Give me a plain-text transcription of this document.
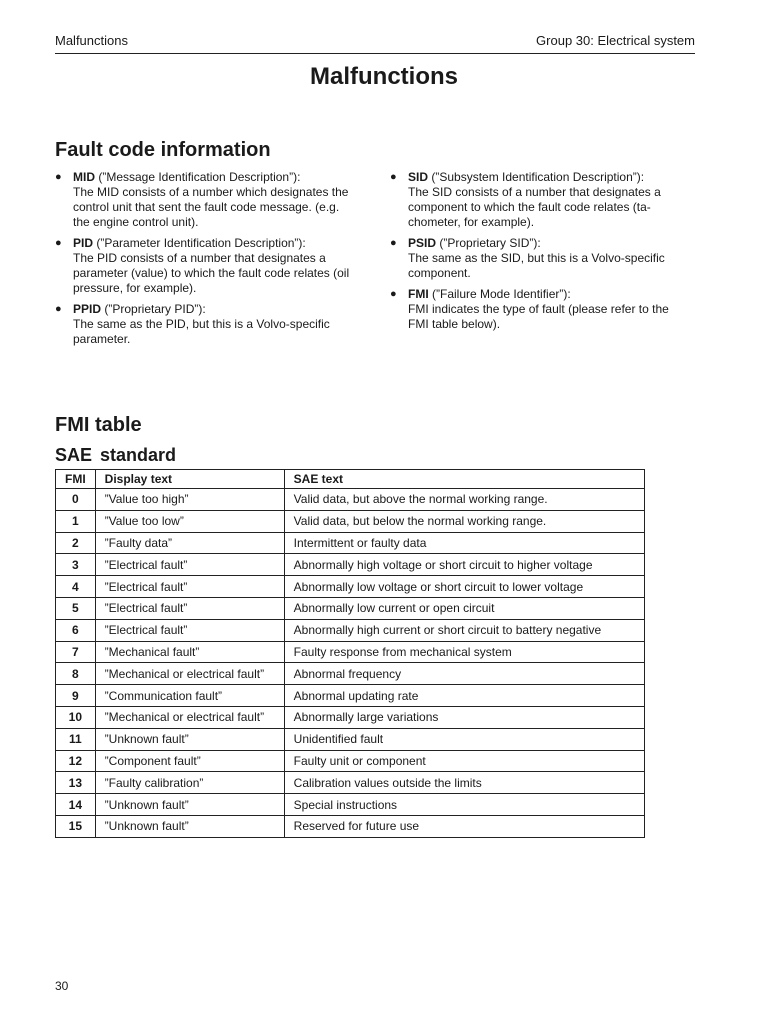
Malfunctions	Group 30: Electrical system
Malfunctions
Fault code information
● MID (”Message Identification Description”):
The MID consists of a number which designates the control unit that sent the fault code message. (e.g. the engine control unit).
● PID (”Parameter Identification Description”):
The PID consists of a number that designates a parameter (value) to which the fault code relates (oil pressure, for example).
● PPID (”Proprietary PID”):
The same as the PID, but this is a Volvo-specific parameter.
● SID (”Subsystem Identification Description”):
The SID consists of a number that designates a component to which the fault code relates (ta-chometer, for example).
● PSID (”Proprietary SID”):
The same as the SID, but this is a Volvo-specific component.
● FMI (”Failure Mode Identifier”):
FMI indicates the type of fault (please refer to the FMI table below).
FMI table
SAE standard
FMI	Display text	SAE text
0	”Value too high”	Valid data, but above the normal working range.
1	”Value too low”	Valid data, but below the normal working range.
2	”Faulty data”	Intermittent or faulty data
3	”Electrical fault”	Abnormally high voltage or short circuit to higher voltage
4	”Electrical fault”	Abnormally low voltage or short circuit to lower voltage
5	”Electrical fault”	Abnormally low current or open circuit
6	”Electrical fault”	Abnormally high current or short circuit to battery negative
7	”Mechanical fault”	Faulty response from mechanical system
8	”Mechanical or electrical fault”	Abnormal frequency
9	”Communication fault”	Abnormal updating rate
10	”Mechanical or electrical fault”	Abnormally large variations
11	”Unknown fault”	Unidentified fault
12	”Component fault”	Faulty unit or component
13	”Faulty calibration”	Calibration values outside the limits
14	”Unknown fault”	Special instructions
15	”Unknown fault”	Reserved for future use
30
